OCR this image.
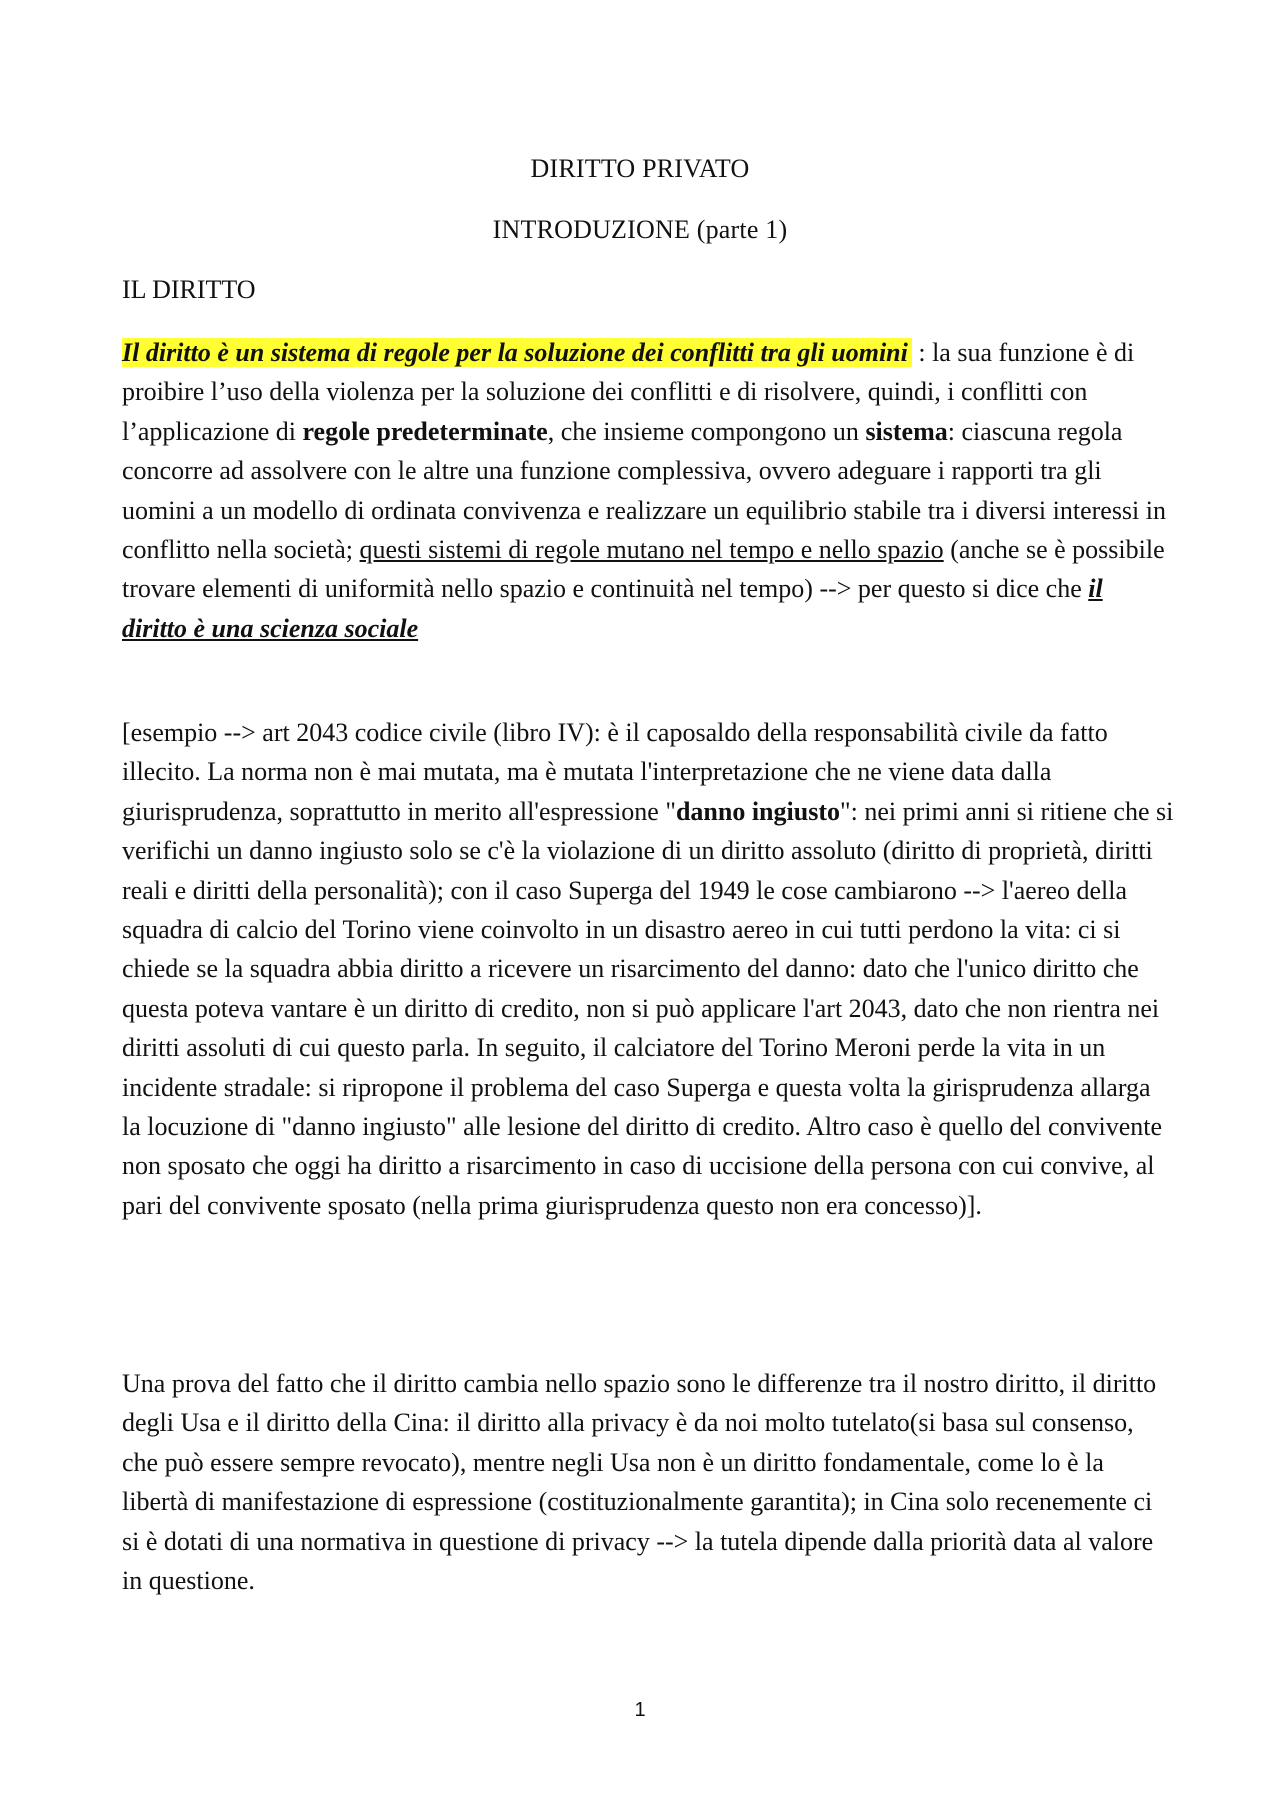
DIRITTO PRIVATO
INTRODUZIONE (parte 1)
IL DIRITTO

Il diritto è un sistema di regole per la soluzione dei conflitti tra gli uomini : la sua funzione è di proibire l’uso della violenza per la soluzione dei conflitti e di risolvere, quindi, i conflitti con l’applicazione di regole predeterminate, che insieme compongono un sistema: ciascuna regola concorre ad assolvere con le altre una funzione complessiva, ovvero adeguare i rapporti tra gli uomini a un modello di ordinata convivenza e realizzare un equilibrio stabile tra i diversi interessi in conflitto nella società; questi sistemi di regole mutano nel tempo e nello spazio (anche se è possibile trovare elementi di uniformità nello spazio e continuità nel tempo) --> per questo si dice che il diritto è una scienza sociale

[esempio --> art 2043 codice civile (libro IV): è il caposaldo della responsabilità civile da fatto illecito. La norma non è mai mutata, ma è mutata l'interpretazione che ne viene data dalla giurisprudenza, soprattutto in merito all'espressione "danno ingiusto": nei primi anni si ritiene che si verifichi un danno ingiusto solo se c'è la violazione di un diritto assoluto (diritto di proprietà, diritti reali e diritti della personalità); con il caso Superga del 1949 le cose cambiarono --> l'aereo della squadra di calcio del Torino viene coinvolto in un disastro aereo in cui tutti perdono la vita: ci si chiede se la squadra abbia diritto a ricevere un risarcimento del danno: dato che l'unico diritto che questa poteva vantare è un diritto di credito, non si può applicare l'art 2043, dato che non rientra nei diritti assoluti di cui questo parla. In seguito, il calciatore del Torino Meroni perde la vita in un incidente stradale: si ripropone il problema del caso Superga e questa volta la girisprudenza allarga la locuzione di "danno ingiusto" alle lesione del diritto di credito. Altro caso è quello del convivente non sposato che oggi ha diritto a risarcimento in caso di uccisione della persona con cui convive, al pari del convivente sposato (nella prima giurisprudenza questo non era concesso)].

Una prova del fatto che il diritto cambia nello spazio sono le differenze tra il nostro diritto, il diritto degli Usa e il diritto della Cina: il diritto alla privacy è da noi molto tutelato(si basa sul consenso, che può essere sempre revocato), mentre negli Usa non è un diritto fondamentale, come lo è la libertà di manifestazione di espressione (costituzionalmente garantita); in Cina solo recenemente ci si è dotati di una normativa in questione di privacy --> la tutela dipende dalla priorità data al valore in questione.

1
